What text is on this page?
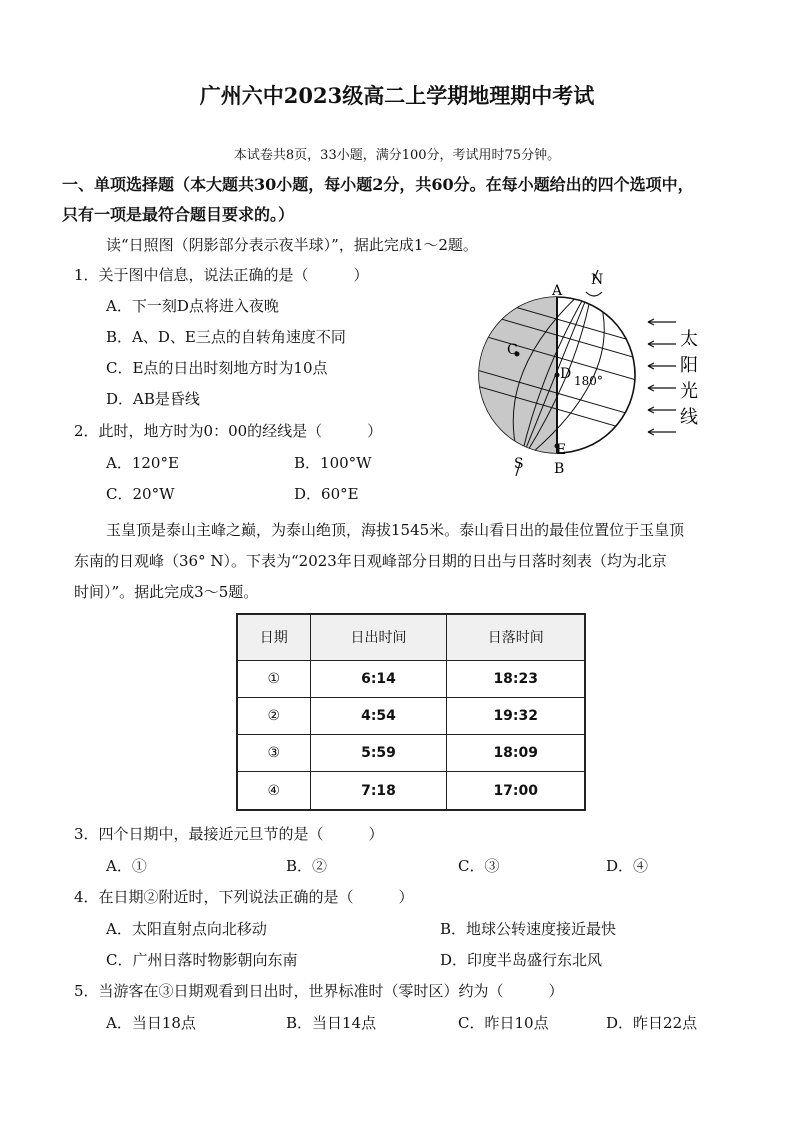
广州六中2023级高二上学期地理期中考试
本试卷共8页，33小题，满分100分，考试用时75分钟。
一、单项选择题（本大题共30小题，每小题2分，共60分。在每小题给出的四个选项中，
只有一项是最符合题目要求的。）
读“日照图（阴影部分表示夜半球）”，据此完成1～2题。
1．关于图中信息，说法正确的是（　　　）
A．下一刻D点将进入夜晚
B．A、D、E三点的自转角速度不同
C．E点的日出时刻地方时为10点
D．AB是昏线
2．此时，地方时为0：00的经线是（　　　）
A．120°E	B．100°W
C．20°W	D．60°E
A
N
C
D 180°
S
E
B
太
阳
光
线
玉皇顶是泰山主峰之巅，为泰山绝顶，海拔1545米。泰山看日出的最佳位置位于玉皇顶
东南的日观峰（36° N）。下表为“2023年日观峰部分日期的日出与日落时刻表（均为北京
时间）”。据此完成3～5题。
日期	日出时间	日落时间
①	6:14	18:23
②	4:54	19:32
③	5:59	18:09
④	7:18	17:00
3．四个日期中，最接近元旦节的是（　　　）
A．①	B．②	C．③	D．④
4．在日期②附近时，下列说法正确的是（　　　）
A．太阳直射点向北移动	B．地球公转速度接近最快
C．广州日落时物影朝向东南	D．印度半岛盛行东北风
5．当游客在③日期观看到日出时，世界标准时（零时区）约为（　　　）
A．当日18点	B．当日14点	C．昨日10点	D．昨日22点
